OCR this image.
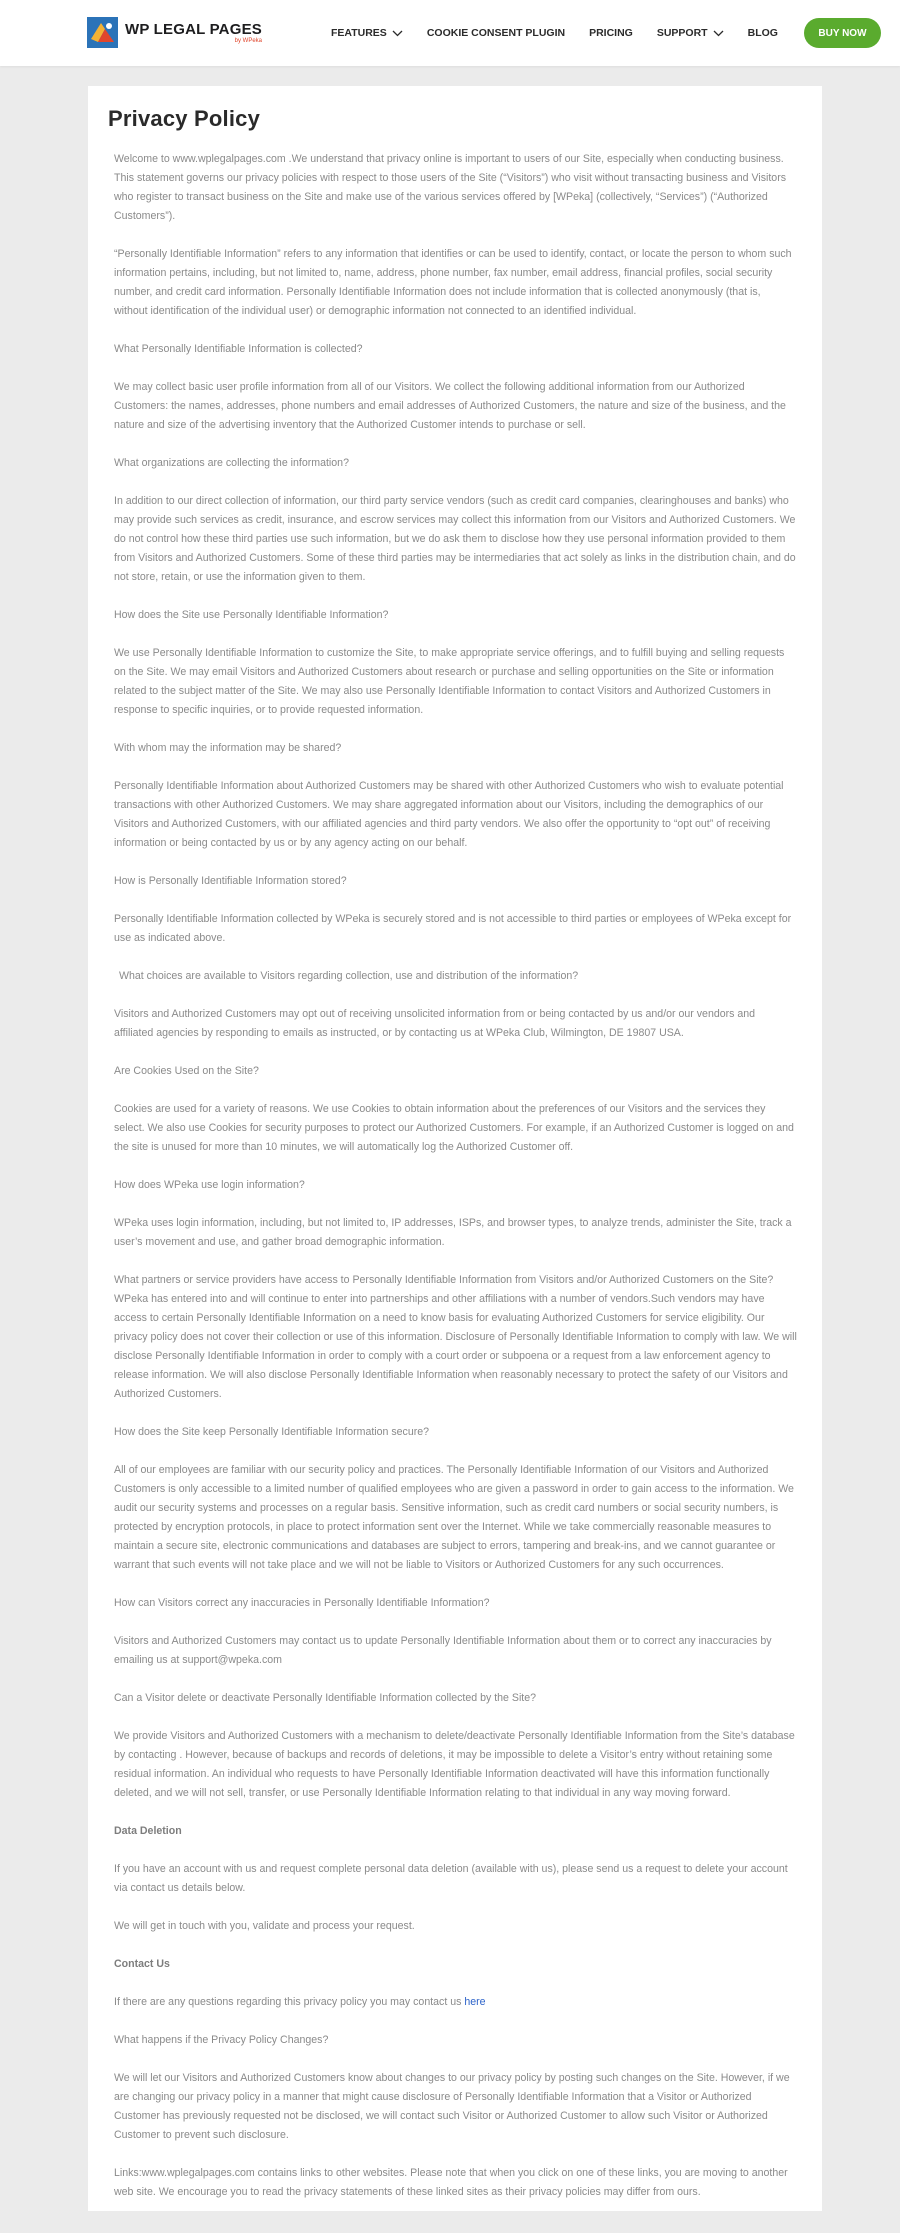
WP LEGAL PAGES
by WPeka
FEATURES	COOKIE CONSENT PLUGIN PRICING SUPPORT	BLOG	BUY NOW
Privacy Policy

Welcome to www.wplegalpages.com .We understand that privacy online is important to users of our Site, especially when conducting business. This statement governs our privacy policies with respect to those users of the Site (“Visitors”) who visit without transacting business and Visitors who register to transact business on the Site and make use of the various services offered by [WPeka] (collectively, “Services”) (“Authorized Customers”).

“Personally Identifiable Information” refers to any information that identifies or can be used to identify, contact, or locate the person to whom such information pertains, including, but not limited to, name, address, phone number, fax number, email address, financial profiles, social security number, and credit card information. Personally Identifiable Information does not include information that is collected anonymously (that is, without identification of the individual user) or demographic information not connected to an identified individual.

What Personally Identifiable Information is collected?

We may collect basic user profile information from all of our Visitors. We collect the following additional information from our Authorized Customers: the names, addresses, phone numbers and email addresses of Authorized Customers, the nature and size of the business, and the nature and size of the advertising inventory that the Authorized Customer intends to purchase or sell.

What organizations are collecting the information?

In addition to our direct collection of information, our third party service vendors (such as credit card companies, clearinghouses and banks) who may provide such services as credit, insurance, and escrow services may collect this information from our Visitors and Authorized Customers. We do not control how these third parties use such information, but we do ask them to disclose how they use personal information provided to them from Visitors and Authorized Customers. Some of these third parties may be intermediaries that act solely as links in the distribution chain, and do not store, retain, or use the information given to them.

How does the Site use Personally Identifiable Information?

We use Personally Identifiable Information to customize the Site, to make appropriate service offerings, and to fulfill buying and selling requests on the Site. We may email Visitors and Authorized Customers about research or purchase and selling opportunities on the Site or information related to the subject matter of the Site. We may also use Personally Identifiable Information to contact Visitors and Authorized Customers in response to specific inquiries, or to provide requested information.

With whom may the information may be shared?

Personally Identifiable Information about Authorized Customers may be shared with other Authorized Customers who wish to evaluate potential transactions with other Authorized Customers. We may share aggregated information about our Visitors, including the demographics of our Visitors and Authorized Customers, with our affiliated agencies and third party vendors. We also offer the opportunity to “opt out” of receiving information or being contacted by us or by any agency acting on our behalf.

How is Personally Identifiable Information stored?

Personally Identifiable Information collected by WPeka is securely stored and is not accessible to third parties or employees of WPeka except for use as indicated above.

What choices are available to Visitors regarding collection, use and distribution of the information?

Visitors and Authorized Customers may opt out of receiving unsolicited information from or being contacted by us and/or our vendors and affiliated agencies by responding to emails as instructed, or by contacting us at WPeka Club, Wilmington, DE 19807 USA.

Are Cookies Used on the Site?

Cookies are used for a variety of reasons. We use Cookies to obtain information about the preferences of our Visitors and the services they select. We also use Cookies for security purposes to protect our Authorized Customers. For example, if an Authorized Customer is logged on and the site is unused for more than 10 minutes, we will automatically log the Authorized Customer off.

How does WPeka use login information?

WPeka uses login information, including, but not limited to, IP addresses, ISPs, and browser types, to analyze trends, administer the Site, track a user’s movement and use, and gather broad demographic information.

What partners or service providers have access to Personally Identifiable Information from Visitors and/or Authorized Customers on the Site? WPeka has entered into and will continue to enter into partnerships and other affiliations with a number of vendors.Such vendors may have access to certain Personally Identifiable Information on a need to know basis for evaluating Authorized Customers for service eligibility. Our privacy policy does not cover their collection or use of this information. Disclosure of Personally Identifiable Information to comply with law. We will disclose Personally Identifiable Information in order to comply with a court order or subpoena or a request from a law enforcement agency to release information. We will also disclose Personally Identifiable Information when reasonably necessary to protect the safety of our Visitors and Authorized Customers.

How does the Site keep Personally Identifiable Information secure?

All of our employees are familiar with our security policy and practices. The Personally Identifiable Information of our Visitors and Authorized Customers is only accessible to a limited number of qualified employees who are given a password in order to gain access to the information. We audit our security systems and processes on a regular basis. Sensitive information, such as credit card numbers or social security numbers, is protected by encryption protocols, in place to protect information sent over the Internet. While we take commercially reasonable measures to maintain a secure site, electronic communications and databases are subject to errors, tampering and break-ins, and we cannot guarantee or warrant that such events will not take place and we will not be liable to Visitors or Authorized Customers for any such occurrences.

How can Visitors correct any inaccuracies in Personally Identifiable Information?

Visitors and Authorized Customers may contact us to update Personally Identifiable Information about them or to correct any inaccuracies by emailing us at support@wpeka.com

Can a Visitor delete or deactivate Personally Identifiable Information collected by the Site?

We provide Visitors and Authorized Customers with a mechanism to delete/deactivate Personally Identifiable Information from the Site’s database by contacting . However, because of backups and records of deletions, it may be impossible to delete a Visitor’s entry without retaining some residual information. An individual who requests to have Personally Identifiable Information deactivated will have this information functionally deleted, and we will not sell, transfer, or use Personally Identifiable Information relating to that individual in any way moving forward.

Data Deletion

If you have an account with us and request complete personal data deletion (available with us), please send us a request to delete your account via contact us details below.

We will get in touch with you, validate and process your request.

Contact Us

If there are any questions regarding this privacy policy you may contact us here

What happens if the Privacy Policy Changes?

We will let our Visitors and Authorized Customers know about changes to our privacy policy by posting such changes on the Site. However, if we are changing our privacy policy in a manner that might cause disclosure of Personally Identifiable Information that a Visitor or Authorized Customer has previously requested not be disclosed, we will contact such Visitor or Authorized Customer to allow such Visitor or Authorized Customer to prevent such disclosure.

Links:www.wplegalpages.com contains links to other websites. Please note that when you click on one of these links, you are moving to another web site. We encourage you to read the privacy statements of these linked sites as their privacy policies may differ from ours.
